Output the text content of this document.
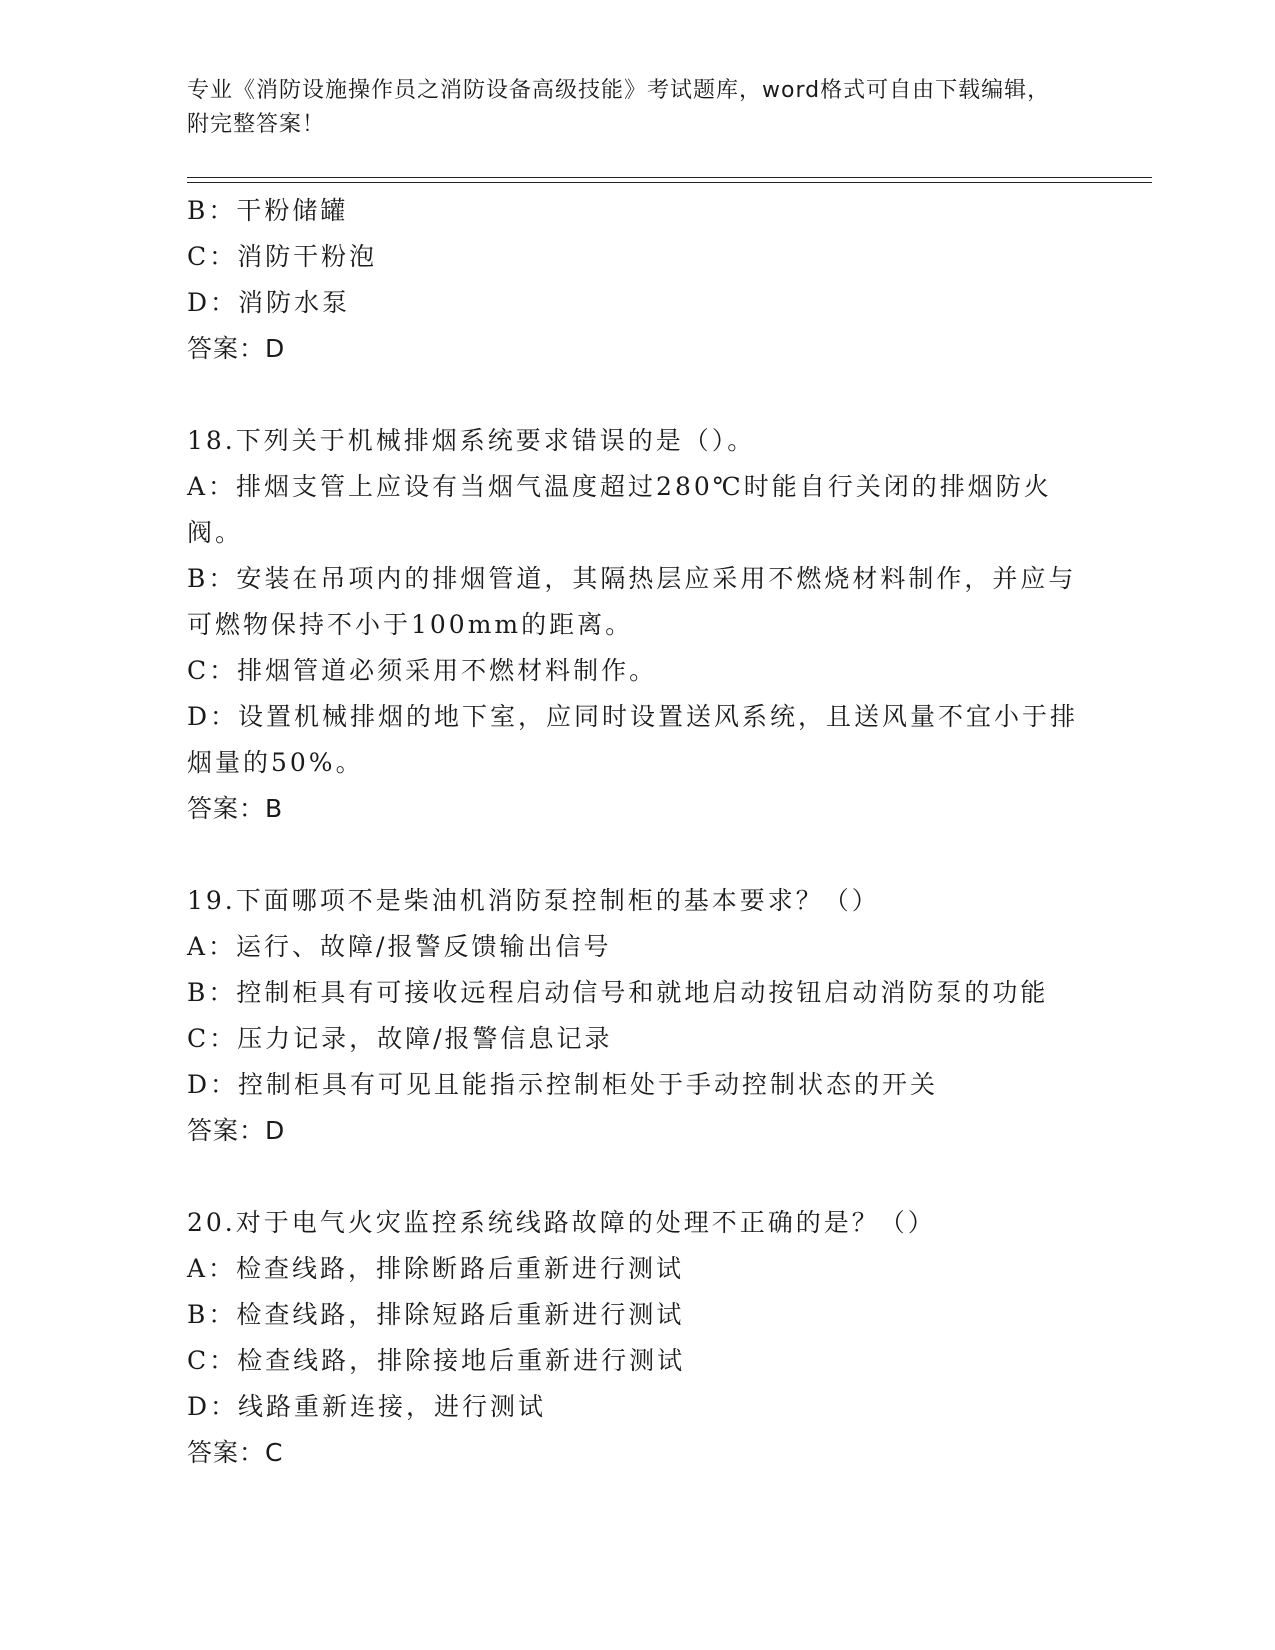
专业《消防设施操作员之消防设备高级技能》考试题库，word格式可自由下载编辑，附完整答案！
B：干粉储罐
C：消防干粉泡
D：消防水泵
答案：D
18.下列关于机械排烟系统要求错误的是（）。
A：排烟支管上应设有当烟气温度超过280℃时能自行关闭的排烟防火阀。
B：安装在吊项内的排烟管道，其隔热层应采用不燃烧材料制作，并应与可燃物保持不小于100mm的距离。
C：排烟管道必须采用不燃材料制作。
D：设置机械排烟的地下室，应同时设置送风系统，且送风量不宜小于排烟量的50%。
答案：B
19.下面哪项不是柴油机消防泵控制柜的基本要求？（）
A：运行、故障/报警反馈输出信号
B：控制柜具有可接收远程启动信号和就地启动按钮启动消防泵的功能
C：压力记录，故障/报警信息记录
D：控制柜具有可见且能指示控制柜处于手动控制状态的开关
答案：D
20.对于电气火灾监控系统线路故障的处理不正确的是？（）
A：检查线路，排除断路后重新进行测试
B：检查线路，排除短路后重新进行测试
C：检查线路，排除接地后重新进行测试
D：线路重新连接，进行测试
答案：C
